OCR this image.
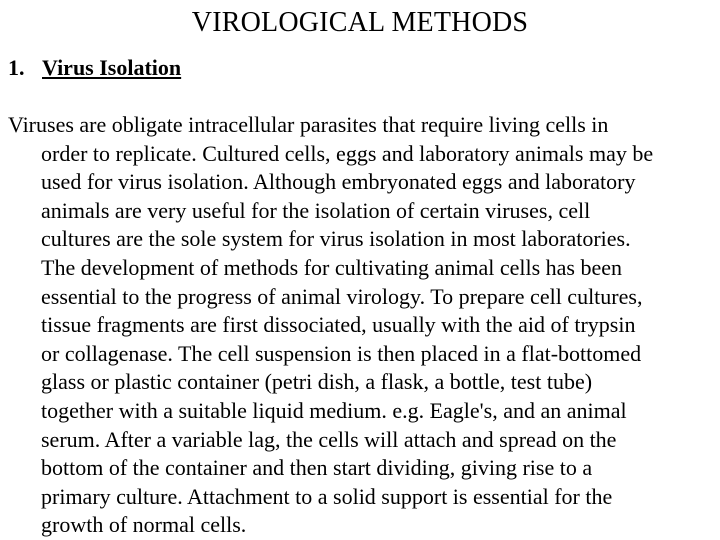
VIROLOGICAL METHODS
1. Virus Isolation
Viruses are obligate intracellular parasites that require living cells in
order to replicate. Cultured cells, eggs and laboratory animals may be
used for virus isolation. Although embryonated eggs and laboratory
animals are very useful for the isolation of certain viruses, cell
cultures are the sole system for virus isolation in most laboratories.
The development of methods for cultivating animal cells has been
essential to the progress of animal virology. To prepare cell cultures,
tissue fragments are first dissociated, usually with the aid of trypsin
or collagenase. The cell suspension is then placed in a flat-bottomed
glass or plastic container (petri dish, a flask, a bottle, test tube)
together with a suitable liquid medium. e.g. Eagle's, and an animal
serum. After a variable lag, the cells will attach and spread on the
bottom of the container and then start dividing, giving rise to a
primary culture. Attachment to a solid support is essential for the
growth of normal cells.
